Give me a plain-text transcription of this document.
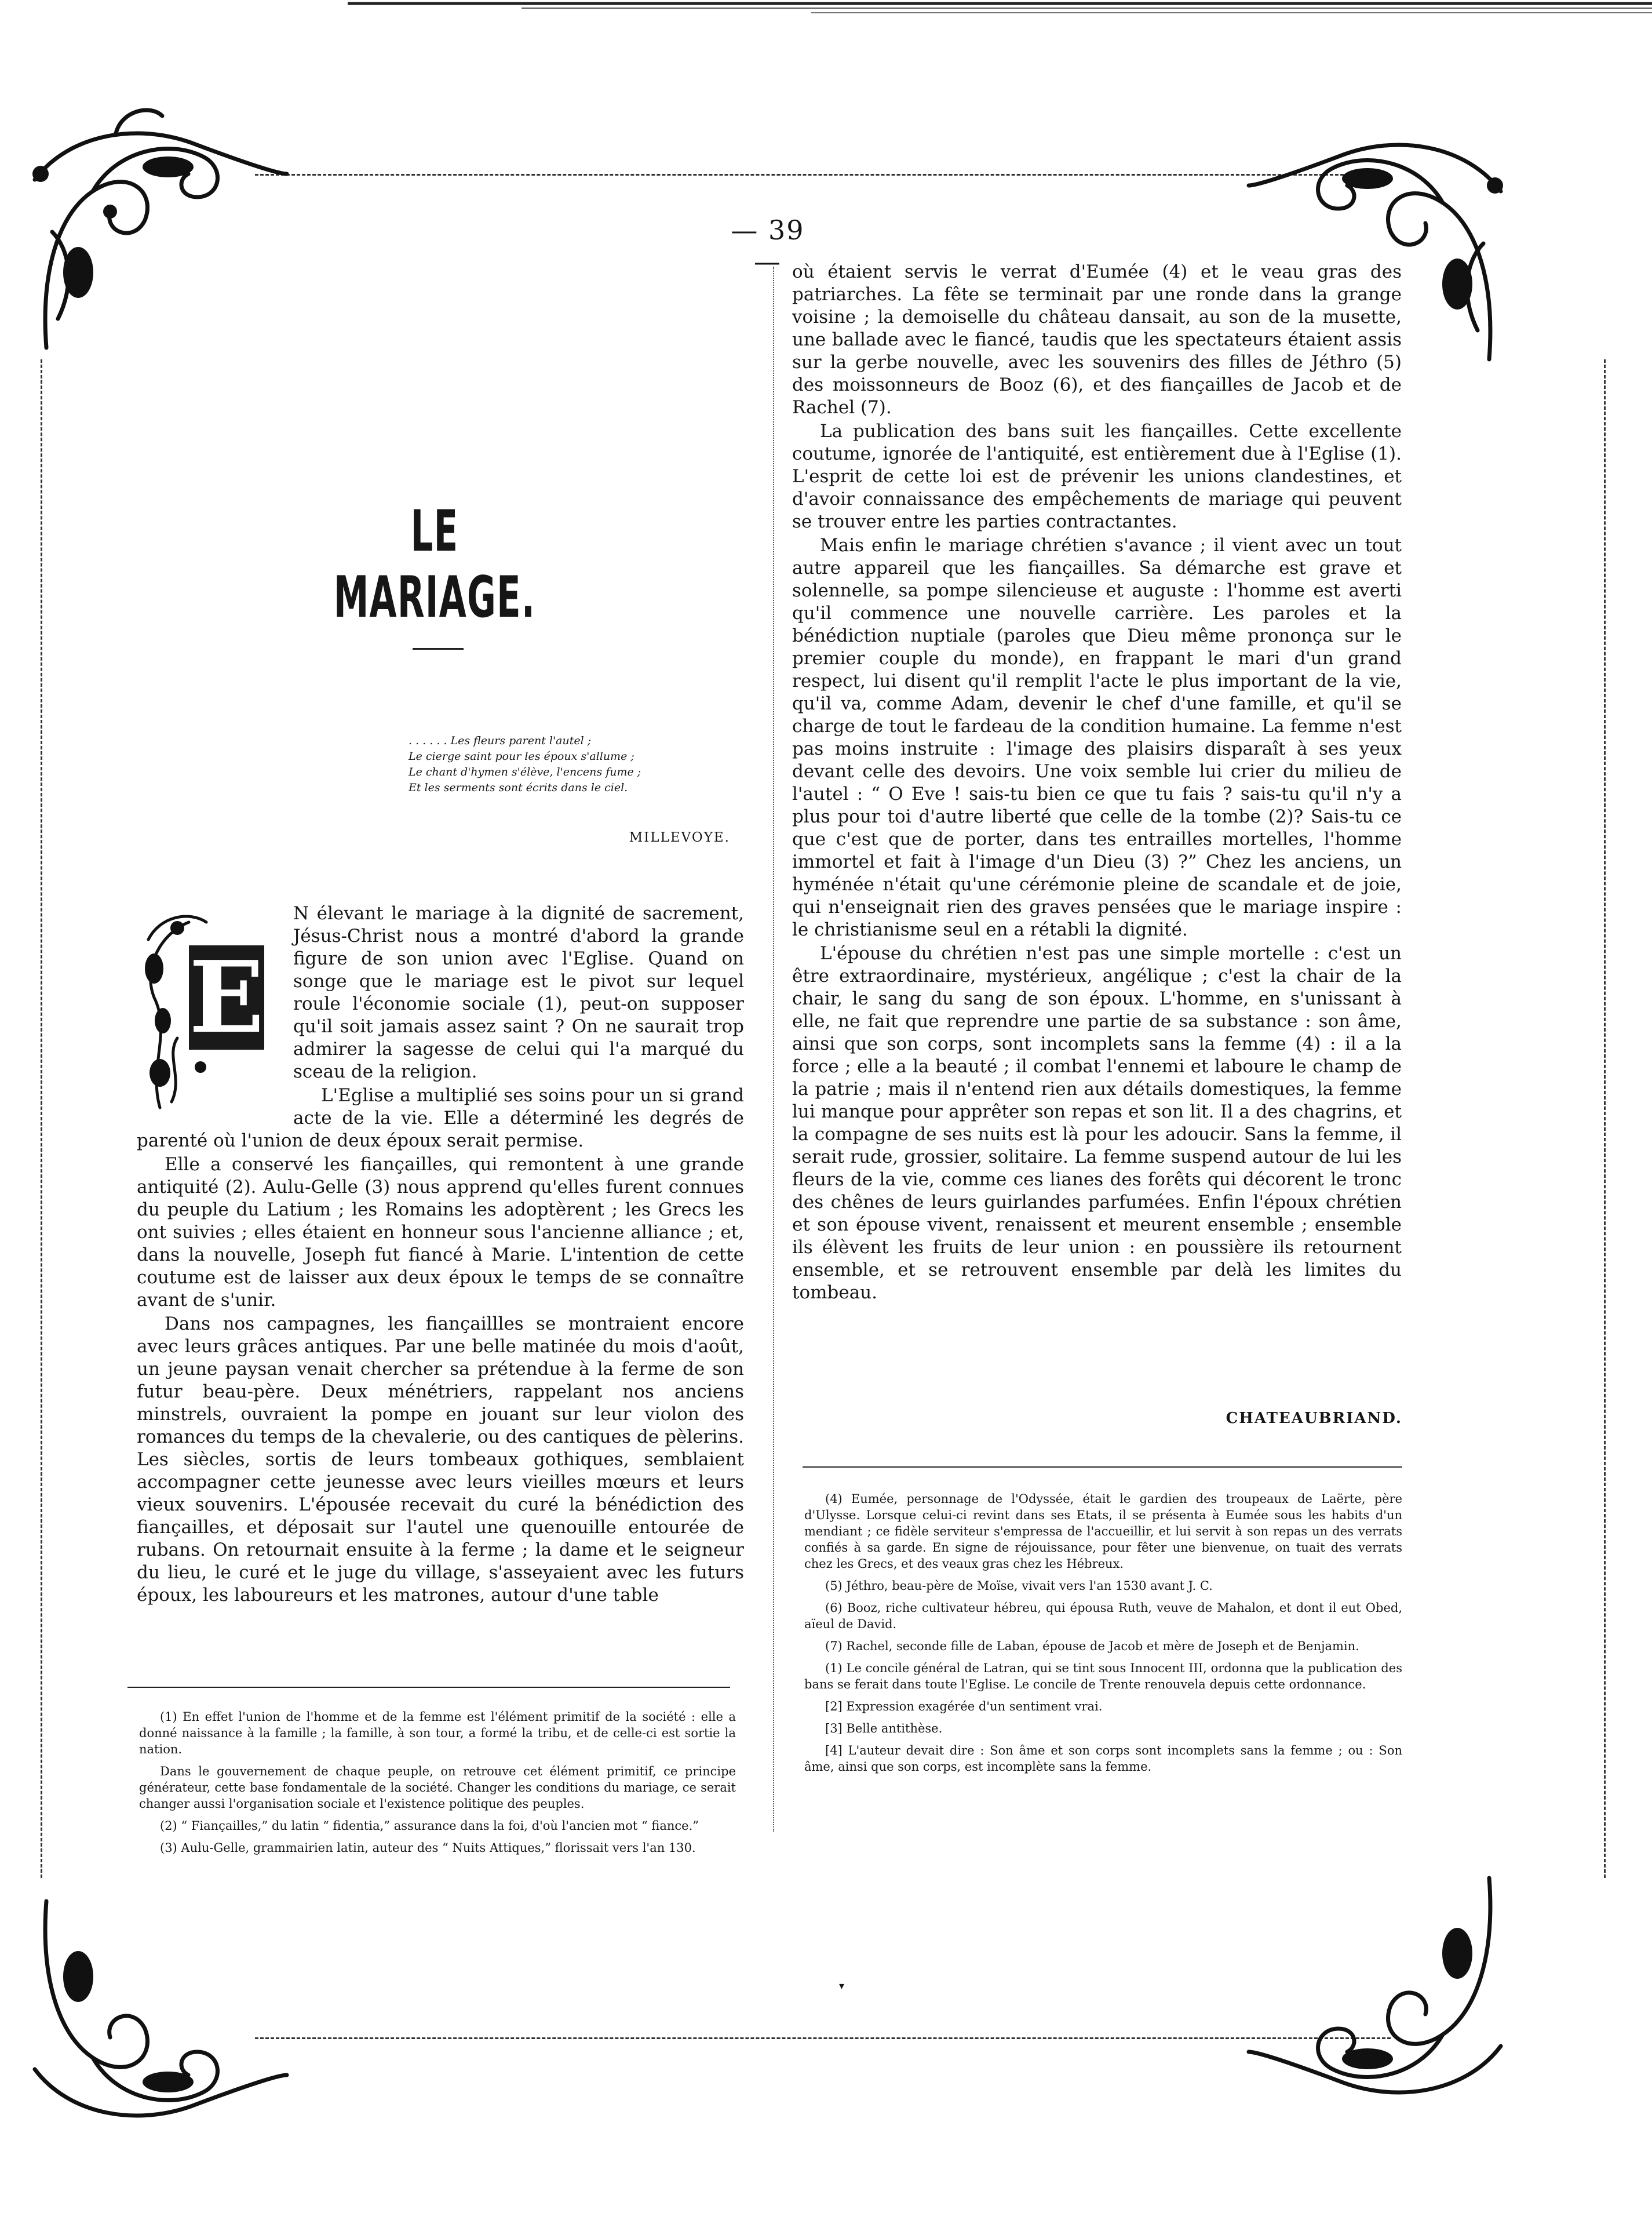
— 39 —
LE MARIAGE.
. . . . . . Les fleurs parent l'autel ;
Le cierge saint pour les époux s'allume ;
Le chant d'hymen s'élève, l'encens fume ;
Et les serments sont écrits dans le ciel.
MILLEVOYE.
E

N élevant le mariage à la dignité de sacrement, Jésus-Christ nous a montré d'abord la grande figure de son union avec l'Eglise. Quand on songe que le mariage est le pivot sur lequel roule l'économie sociale (1), peut-on supposer qu'il soit jamais assez saint ? On ne saurait trop admirer la sagesse de celui qui l'a marqué du sceau de la religion.

L'Eglise a multiplié ses soins pour un si grand acte de la vie. Elle a déterminé les degrés de parenté où l'union de deux époux serait permise.

Elle a conservé les fiançailles, qui remontent à une grande antiquité (2). Aulu-Gelle (3) nous apprend qu'elles furent connues du peuple du Latium ; les Romains les adoptèrent ; les Grecs les ont suivies ; elles étaient en honneur sous l'ancienne alliance ; et, dans la nouvelle, Joseph fut fiancé à Marie. L'intention de cette coutume est de laisser aux deux époux le temps de se connaître avant de s'unir.

Dans nos campagnes, les fiançaillles se montraient encore avec leurs grâces antiques. Par une belle matinée du mois d'août, un jeune paysan venait chercher sa prétendue à la ferme de son futur beau-père. Deux ménétriers, rappelant nos anciens minstrels, ouvraient la pompe en jouant sur leur violon des romances du temps de la chevalerie, ou des cantiques de pèlerins. Les siècles, sortis de leurs tombeaux gothiques, semblaient accompagner cette jeunesse avec leurs vieilles mœurs et leurs vieux souvenirs. L'épousée recevait du curé la bénédiction des fiançailles, et déposait sur l'autel une quenouille entourée de rubans. On retournait ensuite à la ferme ; la dame et le seigneur du lieu, le curé et le juge du village, s'asseyaient avec les futurs époux, les laboureurs et les matrones, autour d'une table

où étaient servis le verrat d'Eumée (4) et le veau gras des patriarches. La fête se terminait par une ronde dans la grange voisine ; la demoiselle du château dansait, au son de la musette, une ballade avec le fiancé, taudis que les spectateurs étaient assis sur la gerbe nouvelle, avec les souvenirs des filles de Jéthro (5) des moissonneurs de Booz (6), et des fiançailles de Jacob et de Rachel (7).

La publication des bans suit les fiançailles. Cette excellente coutume, ignorée de l'antiquité, est entièrement due à l'Eglise (1). L'esprit de cette loi est de prévenir les unions clandestines, et d'avoir connaissance des empêchements de mariage qui peuvent se trouver entre les parties contractantes.

Mais enfin le mariage chrétien s'avance ; il vient avec un tout autre appareil que les fiançailles. Sa démarche est grave et solennelle, sa pompe silencieuse et auguste : l'homme est averti qu'il commence une nouvelle carrière. Les paroles et la bénédiction nuptiale (paroles que Dieu même prononça sur le premier couple du monde), en frappant le mari d'un grand respect, lui disent qu'il remplit l'acte le plus important de la vie, qu'il va, comme Adam, devenir le chef d'une famille, et qu'il se charge de tout le fardeau de la condition humaine. La femme n'est pas moins instruite : l'image des plaisirs disparaît à ses yeux devant celle des devoirs. Une voix semble lui crier du milieu de l'autel : “ O Eve ! sais-tu bien ce que tu fais ? sais-tu qu'il n'y a plus pour toi d'autre liberté que celle de la tombe (2)? Sais-tu ce que c'est que de porter, dans tes entrailles mortelles, l'homme immortel et fait à l'image d'un Dieu (3) ?” Chez les anciens, un hyménée n'était qu'une cérémonie pleine de scandale et de joie, qui n'enseignait rien des graves pensées que le mariage inspire : le christianisme seul en a rétabli la dignité.

L'épouse du chrétien n'est pas une simple mortelle : c'est un être extraordinaire, mystérieux, angélique ; c'est la chair de la chair, le sang du sang de son époux. L'homme, en s'unissant à elle, ne fait que reprendre une partie de sa substance : son âme, ainsi que son corps, sont incomplets sans la femme (4) : il a la force ; elle a la beauté ; il combat l'ennemi et laboure le champ de la patrie ; mais il n'entend rien aux détails domestiques, la femme lui manque pour apprêter son repas et son lit. Il a des chagrins, et la compagne de ses nuits est là pour les adoucir. Sans la femme, il serait rude, grossier, solitaire. La femme suspend autour de lui les fleurs de la vie, comme ces lianes des forêts qui décorent le tronc des chênes de leurs guirlandes parfumées. Enfin l'époux chrétien et son épouse vivent, renaissent et meurent ensemble ; ensemble ils élèvent les fruits de leur union : en poussière ils retournent ensemble, et se retrouvent ensemble par delà les limites du tombeau.

CHATEAUBRIAND.

(1) En effet l'union de l'homme et de la femme est l'élément primitif de la société : elle a donné naissance à la famille ; la famille, à son tour, a formé la tribu, et de celle-ci est sortie la nation.

Dans le gouvernement de chaque peuple, on retrouve cet élément primitif, ce principe générateur, cette base fondamentale de la société. Changer les conditions du mariage, ce serait changer aussi l'organisation sociale et l'existence politique des peuples.

(2) “ Fiançailles,” du latin “ fidentia,” assurance dans la foi, d'où l'ancien mot “ fiance.”

(3) Aulu-Gelle, grammairien latin, auteur des “ Nuits Attiques,” florissait vers l'an 130.

(4) Eumée, personnage de l'Odyssée, était le gardien des troupeaux de Laërte, père d'Ulysse. Lorsque celui-ci revint dans ses Etats, il se présenta à Eumée sous les habits d'un mendiant ; ce fidèle serviteur s'empressa de l'accueillir, et lui servit à son repas un des verrats confiés à sa garde. En signe de réjouissance, pour fêter une bienvenue, on tuait des verrats chez les Grecs, et des veaux gras chez les Hébreux.

(5) Jéthro, beau-père de Moïse, vivait vers l'an 1530 avant J. C.

(6) Booz, riche cultivateur hébreu, qui épousa Ruth, veuve de Mahalon, et dont il eut Obed, aïeul de David.

(7) Rachel, seconde fille de Laban, épouse de Jacob et mère de Joseph et de Benjamin.

(1) Le concile général de Latran, qui se tint sous Innocent III, ordonna que la publication des bans se ferait dans toute l'Eglise. Le concile de Trente renouvela depuis cette ordonnance.

[2] Expression exagérée d'un sentiment vrai.

[3] Belle antithèse.

[4] L'auteur devait dire : Son âme et son corps sont incomplets sans la femme ; ou : Son âme, ainsi que son corps, est incomplète sans la femme.

▾
